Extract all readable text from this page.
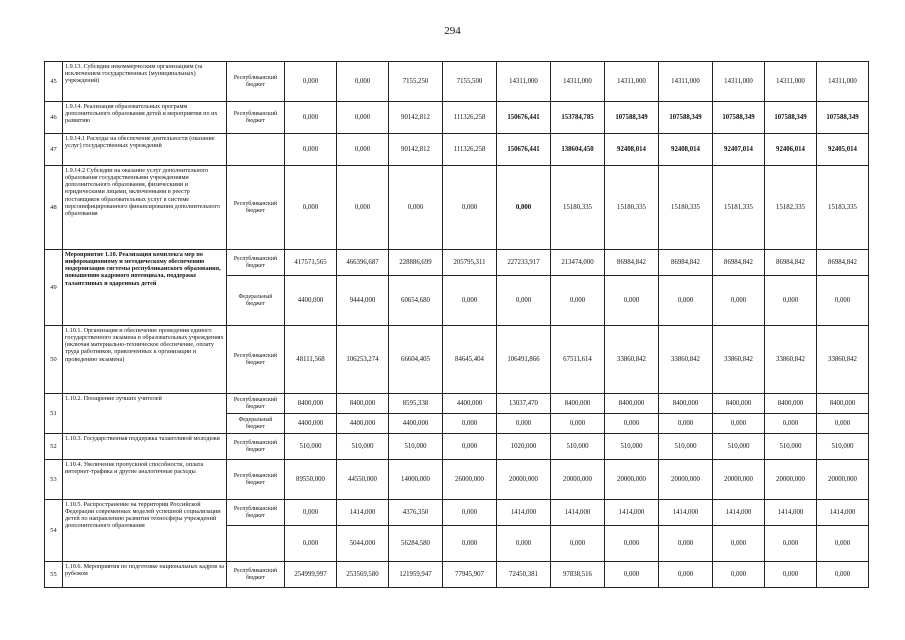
294
45	1.9.13. Субсидии некоммерческим организациям (за исключением государственных (муниципальных) учреждений)	Республиканский бюджет	0,000	0,000	7155,250	7155,500	14311,000	14311,000	14311,000	14311,000	14311,000	14311,000	14311,000
46	1.9.14. Реализация образовательных программ дополнительного образования детей и мероприятия по их развитию	Республиканский бюджет	0,000	0,000	90142,812	111326,258	150676,441	153784,785	107588,349	107588,349	107588,349	107588,349	107588,349
47	1.9.14.1 Расходы на обеспечение деятельности (оказание услуг) государственных учреждений		0,000	0,000	90142,812	111326,258	150676,441	138604,450	92408,014	92408,014	92407,014	92406,014	92405,014
48	1.9.14.2 Субсидии на оказание услуг дополнительного образования государственными учреждениями дополнительного образования, физическими и юридическими лицами, включенными в реестр поставщиков образовательных услуг в системе персонифицированного финансирования дополнительного образования	Республиканский бюджет	0,000	0,000	0,000	0,000	0,000	15180,335	15180,335	15180,335	15181,335	15182,335	15183,335
49	Мероприятие 1.10. Реализация комплекса мер по информационному и методическому обеспечению модернизации системы республиканского образования, повышению кадрового потенциала, поддержке талантливых и одаренных детей	Республиканский бюджет	417571,565	466396,687	228886,699	205795,311	227233,917	213474,000	86984,842	86984,842	86984,842	86984,842	86984,842
		Федеральный бюджет	4400,000	9444,000	60654,680	0,000	0,000	0,000	0,000	0,000	0,000	0,000	0,000
50	1.10.1. Организация и обеспечение проведения единого государственного экзамена в образовательных учреждениях (включая материально-техническое обеспечение, оплату труда работников, привлеченных к организации и проведению экзамена)	Республиканский бюджет	48111,568	106253,274	66604,405	84645,404	106491,866	67511,614	33860,842	33860,842	33860,842	33860,842	33860,842
51	1.10.2. Поощрение лучших учителей	Республиканский бюджет	8400,000	8400,000	8595,338	4400,000	13037,470	8400,000	8400,000	8400,000	8400,000	8400,000	8400,000
		Федеральный бюджет	4400,000	4400,000	4400,000	0,000	0,000	0,000	0,000	0,000	0,000	0,000	0,000
52	1.10.3. Государственная поддержка талантливой молодежи	Республиканский бюджет	510,000	510,000	510,000	0,000	1020,000	510,000	510,000	510,000	510,000	510,000	510,000
53	1.10.4. Увеличение пропускной способности, оплата интернет-трафика и другие аналогичные расходы	Республиканский бюджет	89550,000	44550,000	14000,000	26000,000	20000,000	20000,000	20000,000	20000,000	20000,000	20000,000	20000,000
54	1.10.5. Распространение на территории Российской Федерации современных моделей успешной социализации детей по направлению развития техносферы учреждений дополнительного образования	Республиканский бюджет	0,000	1414,000	4376,350	0,000	1414,000	1414,000	1414,000	1414,000	1414,000	1414,000	1414,000
			0,000	5044,000	56284,580	0,000	0,000	0,000	0,000	0,000	0,000	0,000	0,000
55	1.10.6. Мероприятия по подготовке национальных кадров за рубежом	Республиканский бюджет	254999,997	253569,580	121959,947	77945,907	72450,381	97838,516	0,000	0,000	0,000	0,000	0,000
